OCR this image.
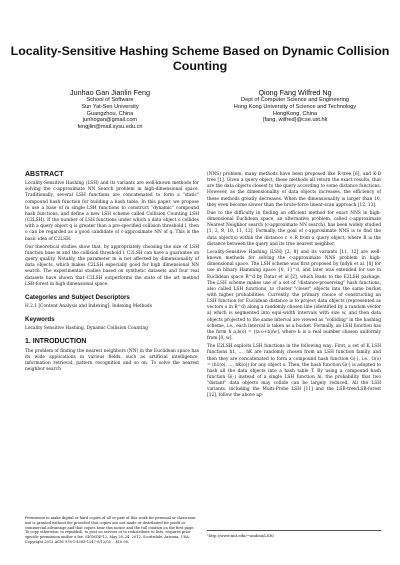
Locality-Sensitive Hashing Scheme Based on Dynamic Collision Counting
Junhao Gan Jianlin Feng
School of Software
Sun Yat-Sen University
Guangzhou, China
junhogan@gmail.com
fengjlin@mail.sysu.edu.cn
Qiong Fang Wilfred Ng
Dept of Computer Science and Engineering
Hong Kong University of Science and Technology
HongKong, China
{fang, wilfred}@cse.ust.hk
ABSTRACT

Locality-Sensitive Hashing (LSH) and its variants are well-known methods for solving the c-approximate NN Search problem in high-dimensional space. Traditionally, several LSH functions are concatenated to form a "static" compound hash function for building a hash table. In this paper, we propose to use a base of m single LSH functions to construct "dynamic" compound hash functions, and define a new LSH scheme called Collision Counting LSH (C2LSH). If the number of LSH functions under which a data object o collides with a query object q is greater than a pre-specified collision threshold l, then o can be regarded as a good candidate of c-approximate NN of q. This is the basic idea of C2LSH.

Our theoretical studies show that, by appropriately choosing the size of LSH function base m and the collision threshold l, C2LSH can have a guarantee on query quality. Notably, the parameter m is not affected by dimensionality of data objects, which makes C2LSH especially good for high dimensional NN search. The experimental studies based on synthetic datasets and four real datasets have shown that C2LSH outperforms the state of the art method LSB-forest in high dimensional space.

Categories and Subject Descriptors

H.2.1 [Content Analysis and Indexing]: Indexing Methods

Keywords

Locality Sensitive Hashing, Dynamic Collision Counting

1. INTRODUCTION

The problem of finding the nearest neighbors (NN) in the Euclidean space has its wide applications in various fields, such as artificial intelligence, information retrieval, pattern recognition and so on. To solve the nearest neighbor search

Permission to make digital or hard copies of all or part of this work for personal or classroom use is granted without fee provided that copies are not made or distributed for profit or commercial advantage and that copies bear this notice and the full citation on the first page. To copy otherwise, to republish, to post on servers or to redistribute to lists, requires prior specific permission and/or a fee. SIGMOD'12, May 20–24, 2012, Scottsdale, Arizona, USA. Copyright 2012 ACM 978-1-4503-1247-9/12/05 ...$10.00.

(NNS) problem, many methods have been proposed like R-tree [6], and K-D tree [1]. Given a query object, these methods all return the exact results, that are the data objects closest to the query according to some distance functions. However, as the dimensionality of data objects increases, the efficiency of these methods greatly decreases. When the dimensionality is larger than 10, they even become slower than the brute-force linear-scan approach [12, 13].

Due to the difficulty in finding an efficient method for exact NNS in high-dimensional Euclidean space, an alternative problem, called c-approximate Nearest Neighbor search (c-approximate NN search), has been widely studied [1, 2, 8, 10, 11, 12]. Formally, the goal of c-approximate NNS is to find the data object(s) within the distance c × R from a query object, where R is the distance between the query and its true nearest neighbor.

Locality-Sensitive Hashing (LSH) [2, 8] and its variants [11, 12] are well-known methods for solving the c-approximate NNS problem in high-dimensional space. The LSH scheme was first proposed by Indyk et al. [8] for use in binary Hamming space {0, 1}^d, and later was extended for use in Euclidean space R^d by Datar et al [2], which leads to the E2LSH package. The LSH scheme makes use of a set of "distance-preserving" hash functions, also called LSH functions, to cluster "closer" objects into the same bucket with higher probabilities. Currently, the primary choice of constructing an LSH function for Euclidean distance is to project data objects (represented as vectors o in R^d) along a randomly chosen line (identified by a random vector a) which is segmented into equi-width intervals with size w, and then data objects projected to the same interval are viewed as "colliding" in the hashing scheme, i.e., each interval is taken as a bucket. Formally, an LSH function has the form h_a,b(o) = ⌊(a·o+b)/w⌋, where b is a real number chosen uniformly from [0, w].

The E2LSH exploits LSH functions in the following way: First, a set of K LSH functions h1, ..., hK are randomly chosen from an LSH function family, and then they are concatenated to form a compound hash function G(·), i.e., G(o) = (h1(o), ..., hK(o)) for any object o. Then, the hash function G(·) is adopted to hash all the data objects into a hash table T. By using a compound hash function G(·) instead of a single LSH function hi, the probability that two "distant" data objects may collide can be largely reduced. All the LSH variants, including the Multi-Probe LSH [11] and the LSB-tree/LSB-forest [12], follow the above ap-

¹http://www.mit.edu/~andoni/LSH/
